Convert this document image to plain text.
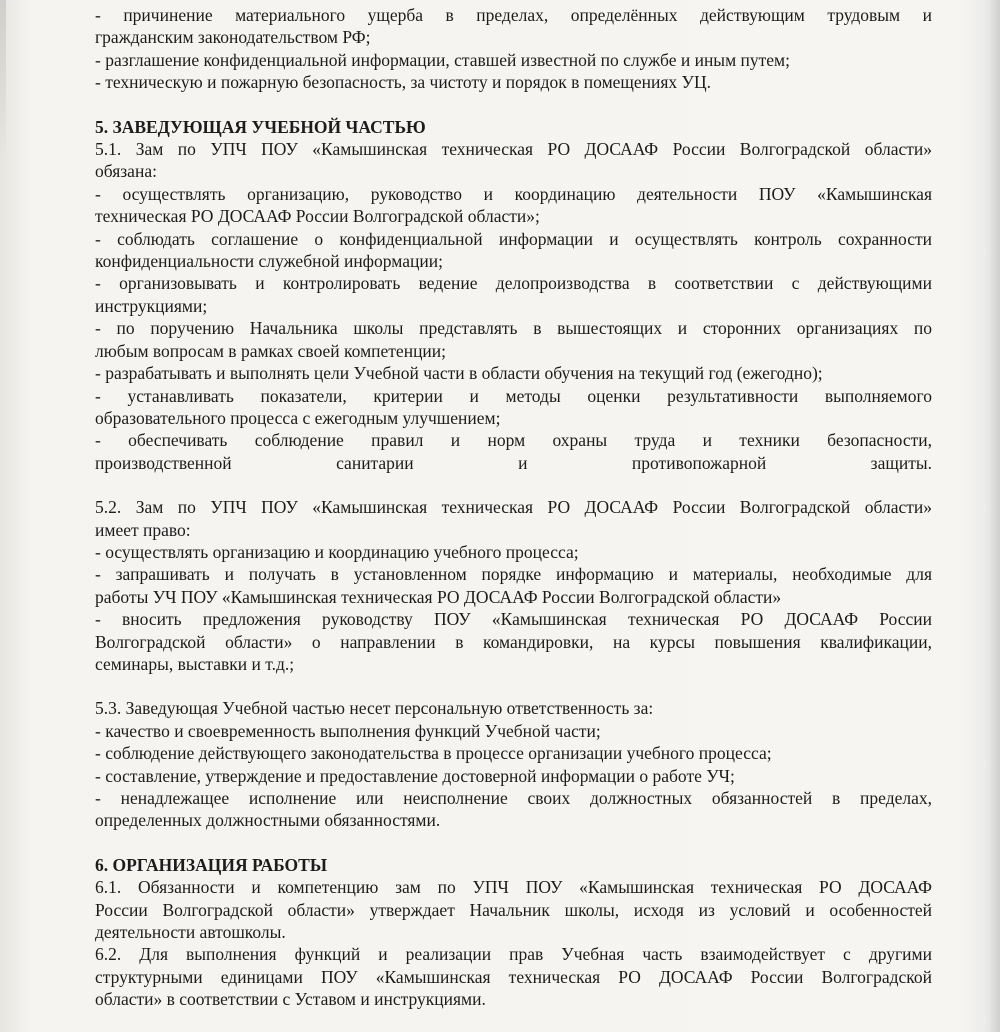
- причинение материального ущерба в пределах, определённых действующим трудовым и
гражданским законодательством РФ;
- разглашение конфиденциальной информации, ставшей известной по службе и иным путем;
- техническую и пожарную безопасность, за чистоту и порядок в помещениях УЦ.
5. ЗАВЕДУЮЩАЯ УЧЕБНОЙ ЧАСТЬЮ
5.1. Зам по УПЧ ПОУ «Камышинская техническая РО ДОСААФ России Волгоградской области»
обязана:
- осуществлять организацию, руководство и координацию деятельности ПОУ «Камышинская
техническая РО ДОСААФ России Волгоградской области»;
- соблюдать соглашение о конфиденциальной информации и осуществлять контроль сохранности
конфиденциальности служебной информации;
- организовывать и контролировать ведение делопроизводства в соответствии с действующими
инструкциями;
- по поручению Начальника школы представлять в вышестоящих и сторонних организациях по
любым вопросам в рамках своей компетенции;
- разрабатывать и выполнять цели Учебной части в области обучения на текущий год (ежегодно);
- устанавливать показатели, критерии и методы оценки результативности выполняемого
образовательного процесса с ежегодным улучшением;
- обеспечивать соблюдение правил и норм охраны труда и техники безопасности,
производственной санитарии и противопожарной защиты.
5.2. Зам по УПЧ ПОУ «Камышинская техническая РО ДОСААФ России Волгоградской области»
имеет право:
- осуществлять организацию и координацию учебного процесса;
- запрашивать и получать в установленном порядке информацию и материалы, необходимые для
работы УЧ ПОУ «Камышинская техническая РО ДОСААФ России Волгоградской области»
- вносить предложения руководству ПОУ «Камышинская техническая РО ДОСААФ России
Волгоградской области» о направлении в командировки, на курсы повышения квалификации,
семинары, выставки и т.д.;
5.3. Заведующая Учебной частью несет персональную ответственность за:
- качество и своевременность выполнения функций Учебной части;
- соблюдение действующего законодательства в процессе организации учебного процесса;
- составление, утверждение и предоставление достоверной информации о работе УЧ;
- ненадлежащее исполнение или неисполнение своих должностных обязанностей в пределах,
определенных должностными обязанностями.
6. ОРГАНИЗАЦИЯ РАБОТЫ
6.1. Обязанности и компетенцию зам по УПЧ ПОУ «Камышинская техническая РО ДОСААФ
России Волгоградской области» утверждает Начальник школы, исходя из условий и особенностей
деятельности автошколы.
6.2. Для выполнения функций и реализации прав Учебная часть взаимодействует с другими
структурными единицами ПОУ «Камышинская техническая РО ДОСААФ России Волгоградской
области» в соответствии с Уставом и инструкциями.
